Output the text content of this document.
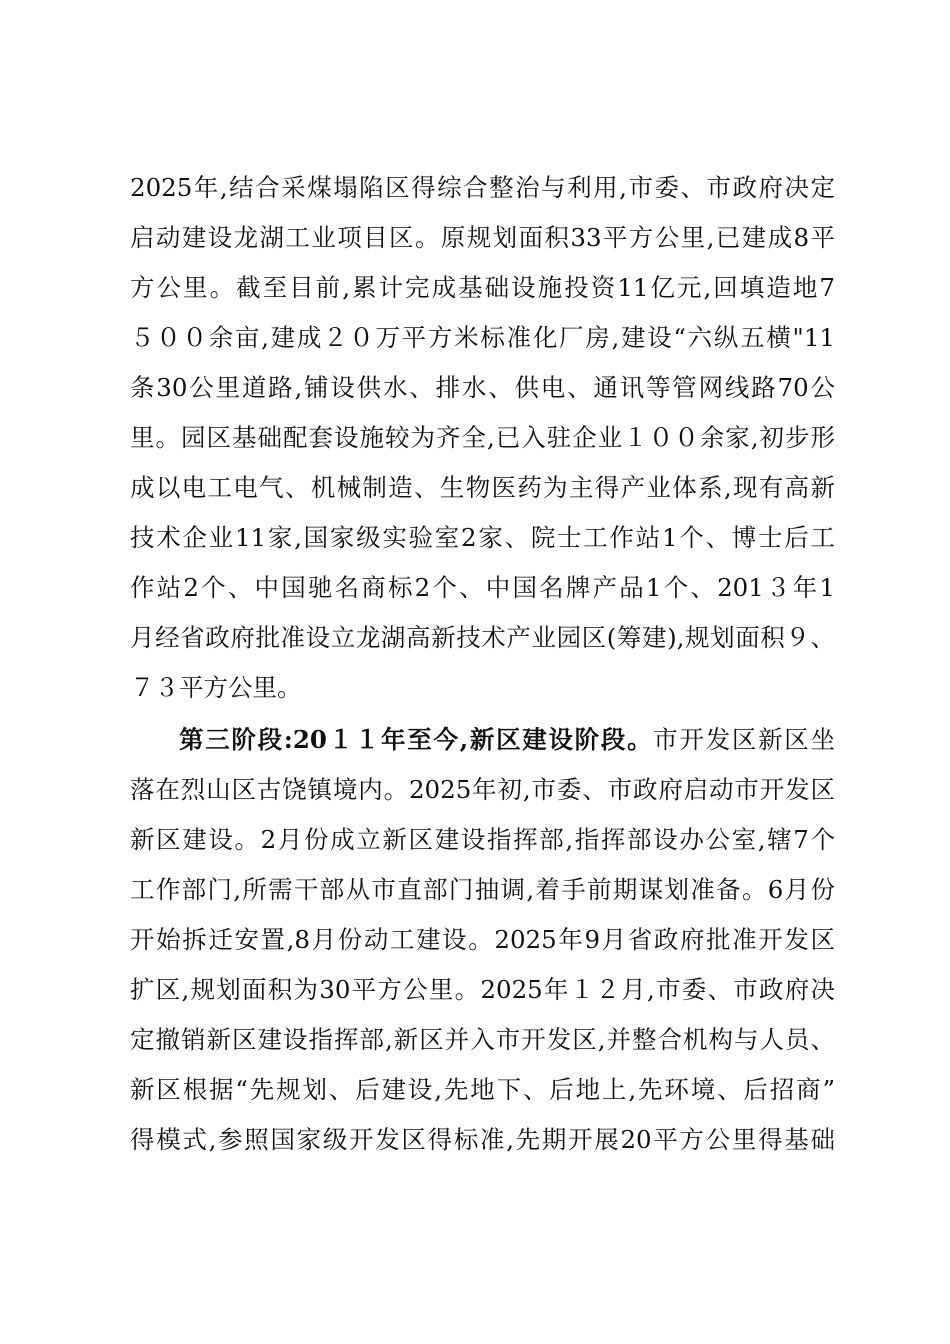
2025年,结合采煤塌陷区得综合整治与利用,市委、市政府决定
启动建设龙湖工业项目区。原规划面积33平方公里,已建成8平
方公里。截至目前,累计完成基础设施投资11亿元,回填造地7
５００余亩,建成２０万平方米标准化厂房,建设“六纵五横"11
条30公里道路,铺设供水、排水、供电、通讯等管网线路70公
里。园区基础配套设施较为齐全,已入驻企业１００余家,初步形
成以电工电气、机械制造、生物医药为主得产业体系,现有高新
技术企业11家,国家级实验室2家、院士工作站1个、博士后工
作站2个、中国驰名商标2个、中国名牌产品1个、201３年1
月经省政府批准设立龙湖高新技术产业园区(筹建),规划面积９、
７３平方公里。
第三阶段:20１１年至今,新区建设阶段。市开发区新区坐
落在烈山区古饶镇境内。2025年初,市委、市政府启动市开发区
新区建设。2月份成立新区建设指挥部,指挥部设办公室,辖7个
工作部门,所需干部从市直部门抽调,着手前期谋划准备。6月份
开始拆迁安置,8月份动工建设。2025年9月省政府批准开发区
扩区,规划面积为30平方公里。2025年１２月,市委、市政府决
定撤销新区建设指挥部,新区并入市开发区,并整合机构与人员、
新区根据“先规划、后建设,先地下、后地上,先环境、后招商”
得模式,参照国家级开发区得标准,先期开展20平方公里得基础
